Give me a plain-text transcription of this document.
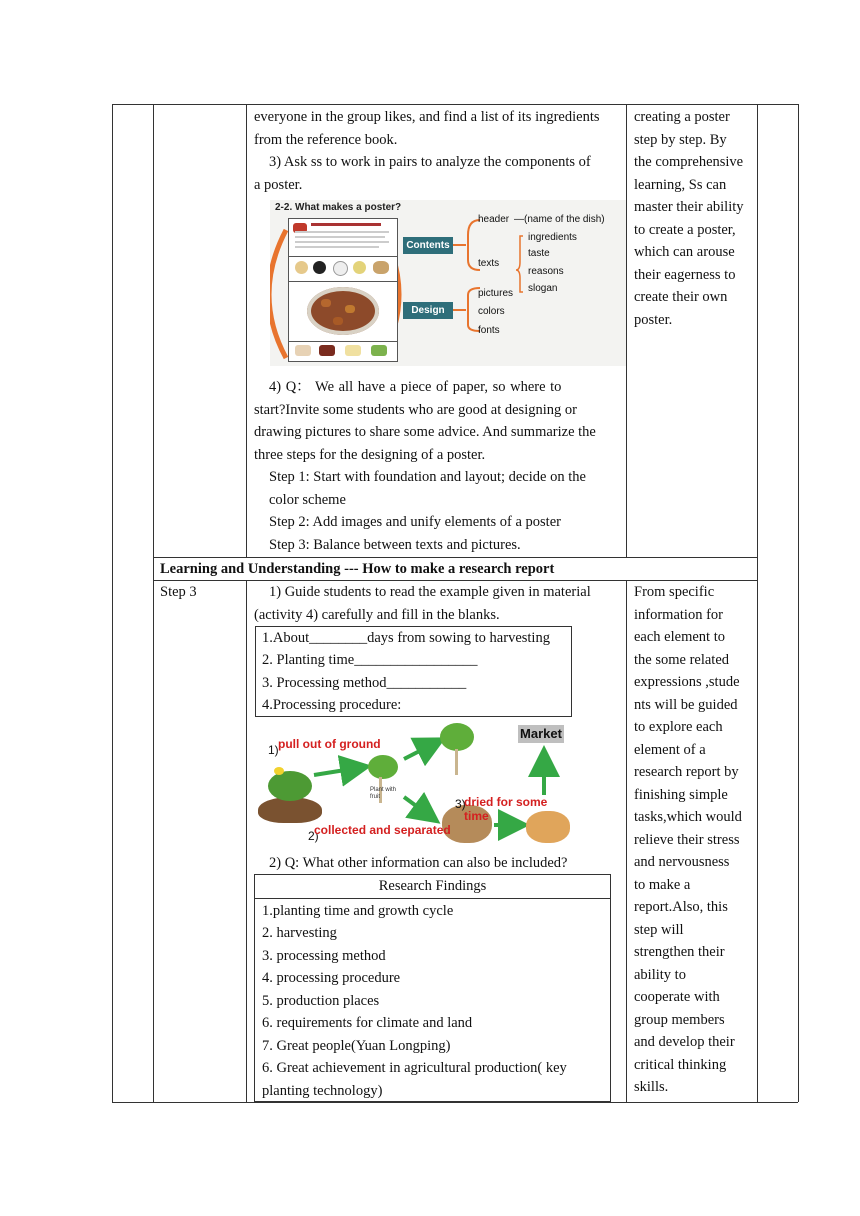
everyone in the group likes, and find a list of its ingredients
from the reference book.
3) Ask ss to work in pairs to analyze the components of
a poster.
2-2. What makes a poster?
Contents
Design
header —(name of the dish)
texts
ingredients
taste
reasons
slogan
pictures
colors
fonts
4) Q： We all have a piece of paper, so where to
start?Invite some students who are good at designing or
drawing pictures to share some advice. And summarize the
three steps for the designing of a poster.
Step 1: Start with foundation and layout; decide on the
color scheme
Step 2: Add images and unify elements of a poster
Step 3: Balance between texts and pictures.
creating a poster
step by step. By
the comprehensive
learning, Ss can
master their ability
to create a poster,
which can arouse
their eagerness to
create their own
poster.
Learning and Understanding --- How to make a research report
Step 3	1) Guide students to read the example given in material
(activity 4) carefully and fill in the blanks.
1.About________days from sowing to harvesting
2. Planting time_________________
3. Processing method___________
4.Processing procedure:
Plant with fruit
Market
1) pull out of ground
2)
collected and separated
3)
dried for some time
2) Q: What other information can also be included?
Research Findings
1.planting time and growth cycle
2. harvesting
3. processing method
4. processing procedure
5. production places
6. requirements for climate and land
7. Great people(Yuan Longping)
6. Great achievement in agricultural production( key
planting technology)
From specific
information for
each element to
the some related
expressions ,stude
nts will be guided
to explore each
element of a
research report by
finishing simple
tasks,which would
relieve their stress
and nervousness
to make a
report.Also, this
step will
strengthen their
ability to
cooperate with
group members
and develop their
critical thinking
skills.
